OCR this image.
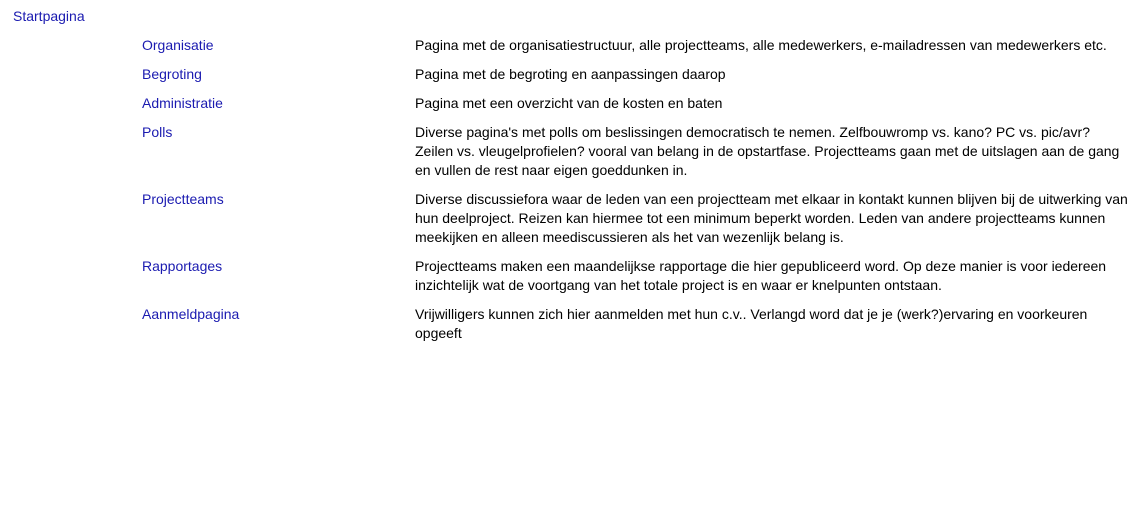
Startpagina
Organisatie	Pagina met de organisatiestructuur, alle projectteams, alle medewerkers, e-mailadressen van medewerkers etc.
Begroting	Pagina met de begroting en aanpassingen daarop
Administratie	Pagina met een overzicht van de kosten en baten
Polls	Diverse pagina's met polls om beslissingen democratisch te nemen. Zelfbouwromp vs. kano? PC vs. pic/avr? Zeilen vs. vleugelprofielen? vooral van belang in de opstartfase. Projectteams gaan met de uitslagen aan de gang en vullen de rest naar eigen goeddunken in.
Projectteams	Diverse discussiefora waar de leden van een projectteam met elkaar in kontakt kunnen blijven bij de uitwerking van hun deelproject. Reizen kan hiermee tot een minimum beperkt worden. Leden van andere projectteams kunnen meekijken en alleen meediscussieren als het van wezenlijk belang is.
Rapportages	Projectteams maken een maandelijkse rapportage die hier gepubliceerd word. Op deze manier is voor iedereen inzichtelijk wat de voortgang van het totale project is en waar er knelpunten ontstaan.
Aanmeldpagina	Vrijwilligers kunnen zich hier aanmelden met hun c.v.. Verlangd word dat je je (werk?)ervaring en voorkeuren opgeeft
